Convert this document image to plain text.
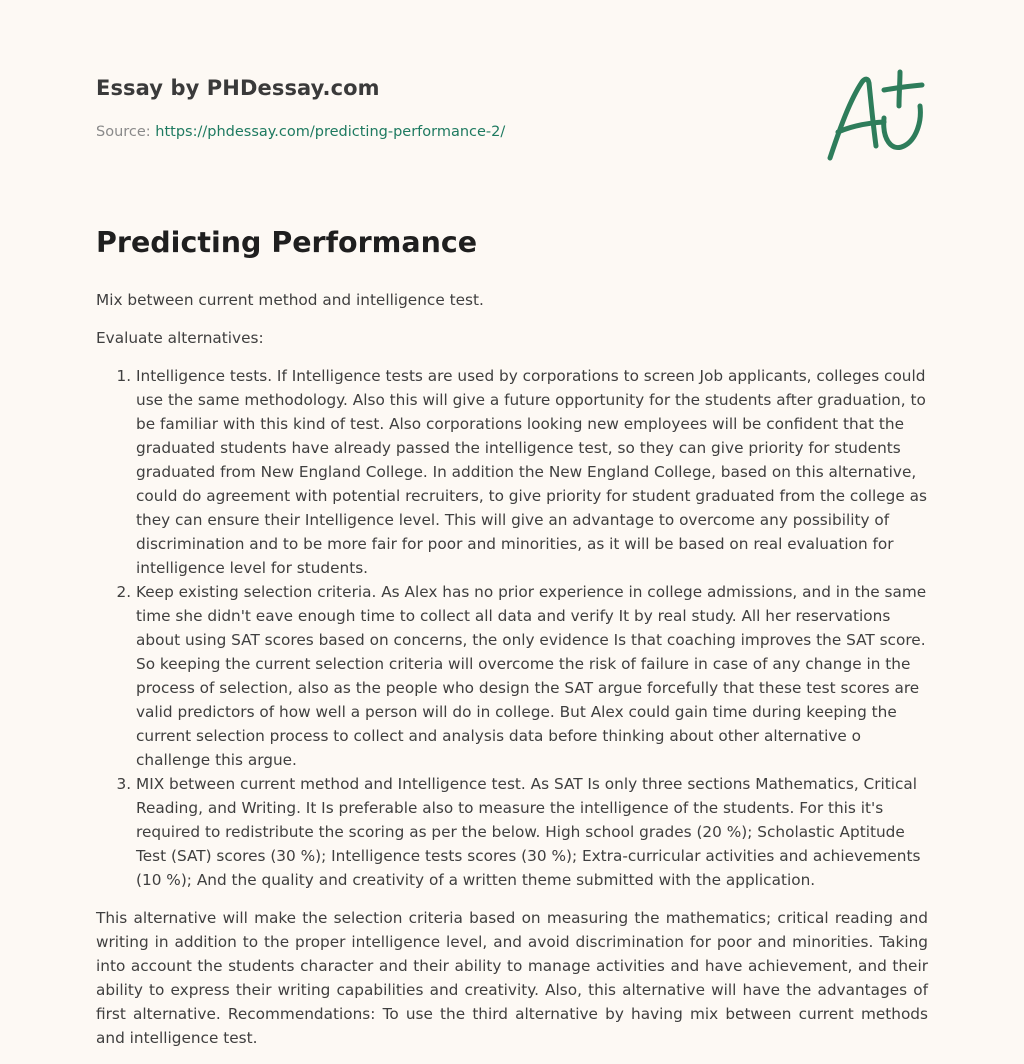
Essay by PHDessay.com
Source: https://phdessay.com/predicting-performance-2/
Predicting Performance

Mix between current method and intelligence test.

Evaluate alternatives:

1. Intelligence tests. If Intelligence tests are used by corporations to screen Job applicants, colleges could use the same methodology. Also this will give a future opportunity for the students after graduation, to be familiar with this kind of test. Also corporations looking new employees will be confident that the graduated students have already passed the intelligence test, so they can give priority for students graduated from New England College. In addition the New England College, based on this alternative, could do agreement with potential recruiters, to give priority for student graduated from the college as they can ensure their Intelligence level. This will give an advantage to overcome any possibility of discrimination and to be more fair for poor and minorities, as it will be based on real evaluation for intelligence level for students.
2. Keep existing selection criteria. As Alex has no prior experience in college admissions, and in the same time she didn't eave enough time to collect all data and verify It by real study. All her reservations about using SAT scores based on concerns, the only evidence Is that coaching improves the SAT score. So keeping the current selection criteria will overcome the risk of failure in case of any change in the process of selection, also as the people who design the SAT argue forcefully that these test scores are valid predictors of how well a person will do in college. But Alex could gain time during keeping the current selection process to collect and analysis data before thinking about other alternative o challenge this argue.
3. MIX between current method and Intelligence test. As SAT Is only three sections Mathematics, Critical Reading, and Writing. It Is preferable also to measure the intelligence of the students. For this it's required to redistribute the scoring as per the below. High school grades (20 %); Scholastic Aptitude Test (SAT) scores (30 %); Intelligence tests scores (30 %); Extra-curricular activities and achievements (10 %); And the quality and creativity of a written theme submitted with the application.

This alternative will make the selection criteria based on measuring the mathematics; critical reading and writing in addition to the proper intelligence level, and avoid discrimination for poor and minorities. Taking into account the students character and their ability to manage activities and have achievement, and their ability to express their writing capabilities and creativity. Also, this alternative will have the advantages of first alternative. Recommendations: To use the third alternative by having mix between current methods and intelligence test.
